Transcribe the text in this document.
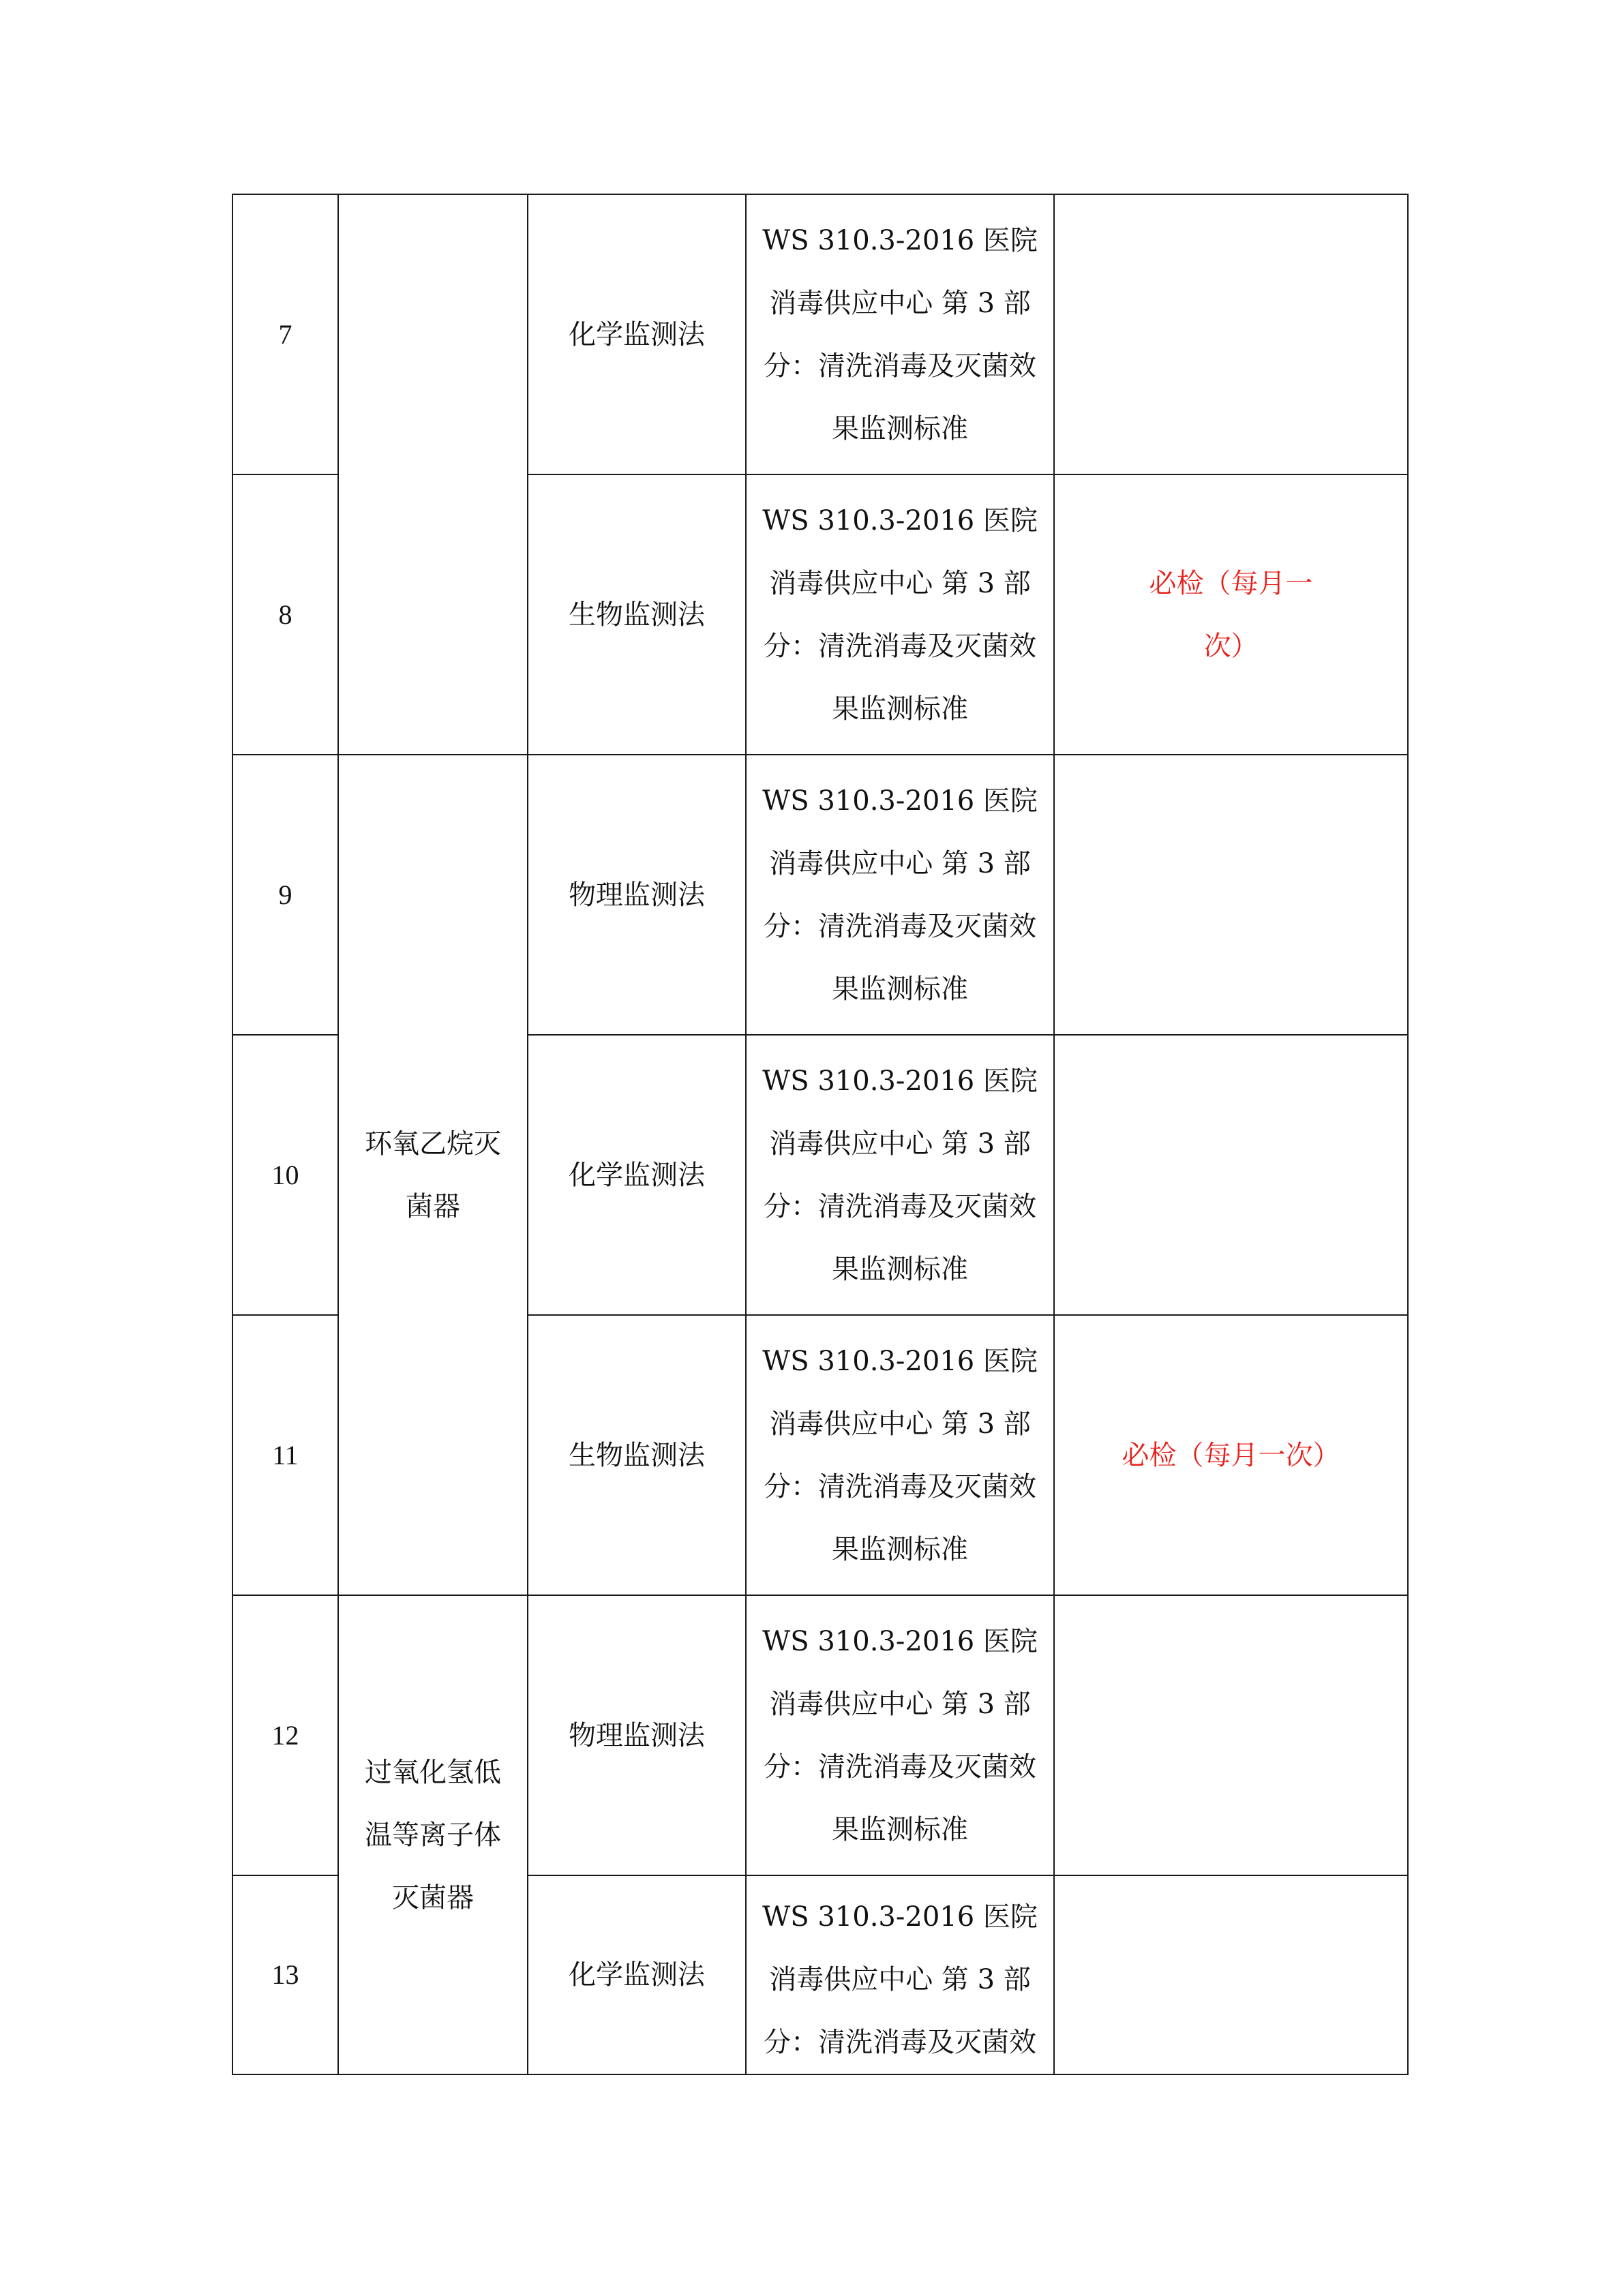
7		化学监测法	WS 310.3-2016 医院
消毒供应中心 第 3 部
分：清洗消毒及灭菌效
果监测标准	

8		生物监测法	WS 310.3-2016 医院
消毒供应中心 第 3 部
分：清洗消毒及灭菌效
果监测标准	必检（每月一次）
9	环氧乙烷灭
菌器	物理监测法	WS 310.3-2016 医院
消毒供应中心 第 3 部
分：清洗消毒及灭菌效
果监测标准	

10		化学监测法	WS 310.3-2016 医院
消毒供应中心 第 3 部
分：清洗消毒及灭菌效
果监测标准	

11		生物监测法	WS 310.3-2016 医院
消毒供应中心 第 3 部
分：清洗消毒及灭菌效
果监测标准	必检（每月一次）
12	过氧化氢低
温等离子体
灭菌器	物理监测法	WS 310.3-2016 医院
消毒供应中心 第 3 部
分：清洗消毒及灭菌效
果监测标准	

13		化学监测法	WS 310.3-2016 医院
消毒供应中心 第 3 部
分：清洗消毒及灭菌效	
